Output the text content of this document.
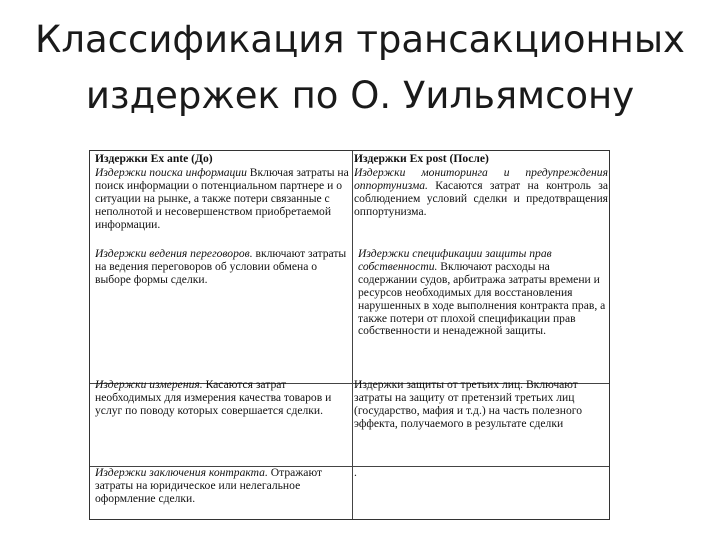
Классификация трансакционных
издержек по О. Уильямсону
Издержки Ex ante (До)	Издержки Ex post (После)
Издержки поиска информации Включая затраты на поиск информации о потенциальном партнере и о ситуации на рынке, а также потери связанные с неполнотой и несовершенством приобретаемой информации.
Издержки мониторинга и предупреждения оппортунизма. Касаются затрат на контроль за соблюдением условий сделки и предотвращения оппортунизма.
Издержки ведения переговоров. включают затраты на ведения переговоров об условии обмена о выборе формы сделки.
Издержки спецификации защиты прав собственности. Включают расходы на содержании судов, арбитража затраты времени и ресурсов необходимых для восстановления нарушенных в ходе выполнения контракта прав, а также потери от плохой спецификации прав собственности и ненадежной защиты.
Издержки измерения. Касаются затрат необходимых для измерения качества товаров и услуг по поводу которых совершается сделки.
Издержки защиты от третьих лиц. Включают затраты на защиту от претензий третьих лиц (государство, мафия и т.д.) на часть полезного эффекта, получаемого в результате сделки
Издержки заключения контракта. Отражают затраты на юридическое или нелегальное оформление сделки.
.
